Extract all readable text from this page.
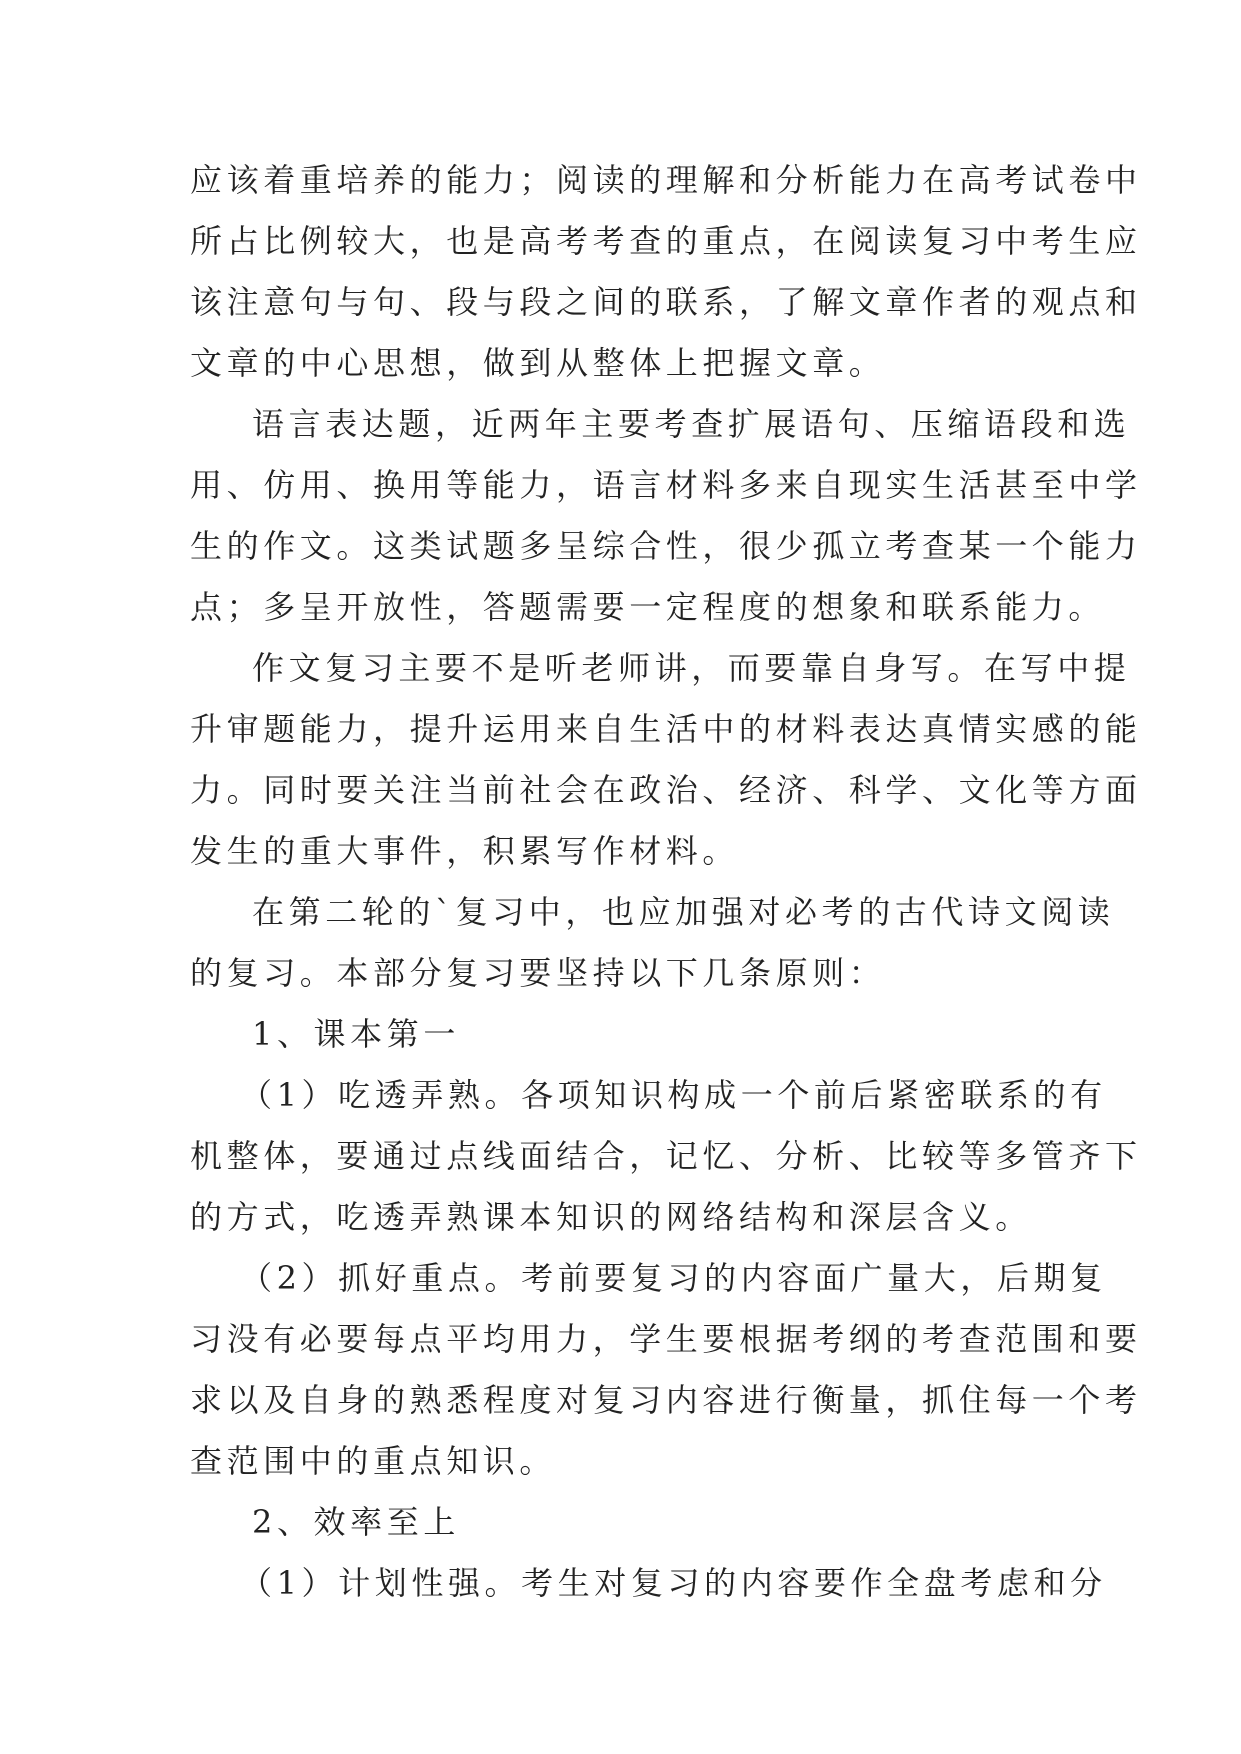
应该着重培养的能力；阅读的理解和分析能力在高考试卷中
所占比例较大，也是高考考查的重点，在阅读复习中考生应
该注意句与句、段与段之间的联系，了解文章作者的观点和
文章的中心思想，做到从整体上把握文章。
语言表达题，近两年主要考查扩展语句、压缩语段和选
用、仿用、换用等能力，语言材料多来自现实生活甚至中学
生的作文。这类试题多呈综合性，很少孤立考查某一个能力
点；多呈开放性，答题需要一定程度的想象和联系能力。
作文复习主要不是听老师讲，而要靠自身写。在写中提
升审题能力，提升运用来自生活中的材料表达真情实感的能
力。同时要关注当前社会在政治、经济、科学、文化等方面
发生的重大事件，积累写作材料。
在第二轮的`复习中，也应加强对必考的古代诗文阅读
的复习。本部分复习要坚持以下几条原则：
1、课本第一
（1）吃透弄熟。各项知识构成一个前后紧密联系的有
机整体，要通过点线面结合，记忆、分析、比较等多管齐下
的方式，吃透弄熟课本知识的网络结构和深层含义。
（2）抓好重点。考前要复习的内容面广量大，后期复
习没有必要每点平均用力，学生要根据考纲的考查范围和要
求以及自身的熟悉程度对复习内容进行衡量，抓住每一个考
查范围中的重点知识。
2、效率至上
（1）计划性强。考生对复习的内容要作全盘考虑和分
